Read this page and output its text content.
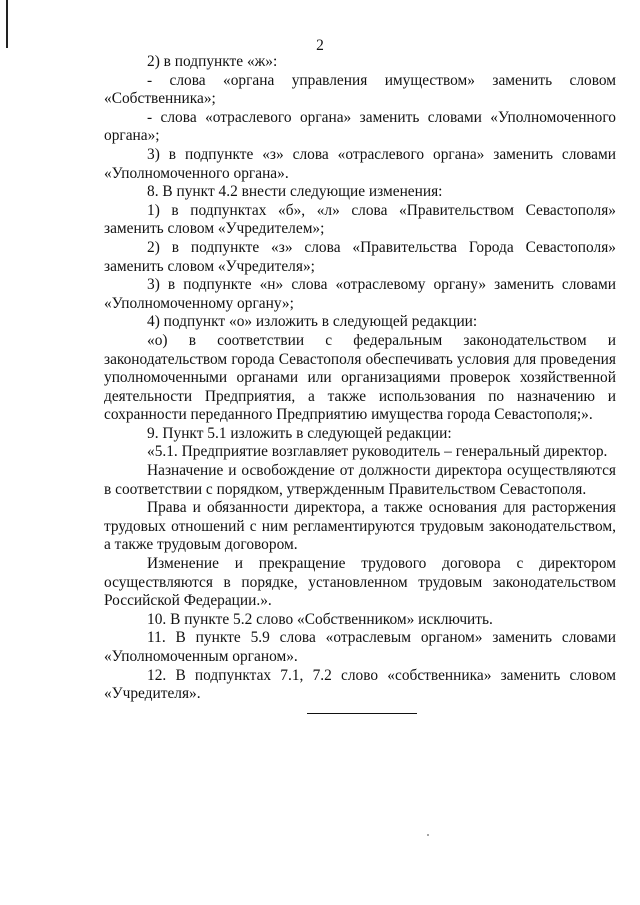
2

2) в подпункте «ж»:

- слова «органа управления имуществом» заменить словом «Собственника»;

- слова «отраслевого органа» заменить словами «Уполномоченного органа»;

3) в подпункте «з» слова «отраслевого органа» заменить словами «Уполномоченного органа».

8. В пункт 4.2 внести следующие изменения:

1) в подпунктах «б», «л» слова «Правительством Севастополя» заменить словом «Учредителем»;

2) в подпункте «з» слова «Правительства Города Севастополя» заменить словом «Учредителя»;

3) в подпункте «н» слова «отраслевому органу» заменить словами «Уполномоченному органу»;

4) подпункт «о» изложить в следующей редакции:

«о) в соответствии с федеральным законодательством и законодательством города Севастополя обеспечивать условия для проведения уполномоченными органами или организациями проверок хозяйственной деятельности Предприятия, а также использования по назначению и сохранности переданного Предприятию имущества города Севастополя;».

9. Пункт 5.1 изложить в следующей редакции:

«5.1. Предприятие возглавляет руководитель – генеральный директор.

Назначение и освобождение от должности директора осуществляются в соответствии с порядком, утвержденным Правительством Севастополя.

Права и обязанности директора, а также основания для расторжения трудовых отношений с ним регламентируются трудовым законодательством, а также трудовым договором.

Изменение и прекращение трудового договора с директором осуществляются в порядке, установленном трудовым законодательством Российской Федерации.».

10. В пункте 5.2 слово «Собственником» исключить.

11. В пункте 5.9 слова «отраслевым органом» заменить словами «Уполномоченным органом».

12. В подпунктах 7.1, 7.2 слово «собственника» заменить словом «Учредителя».
